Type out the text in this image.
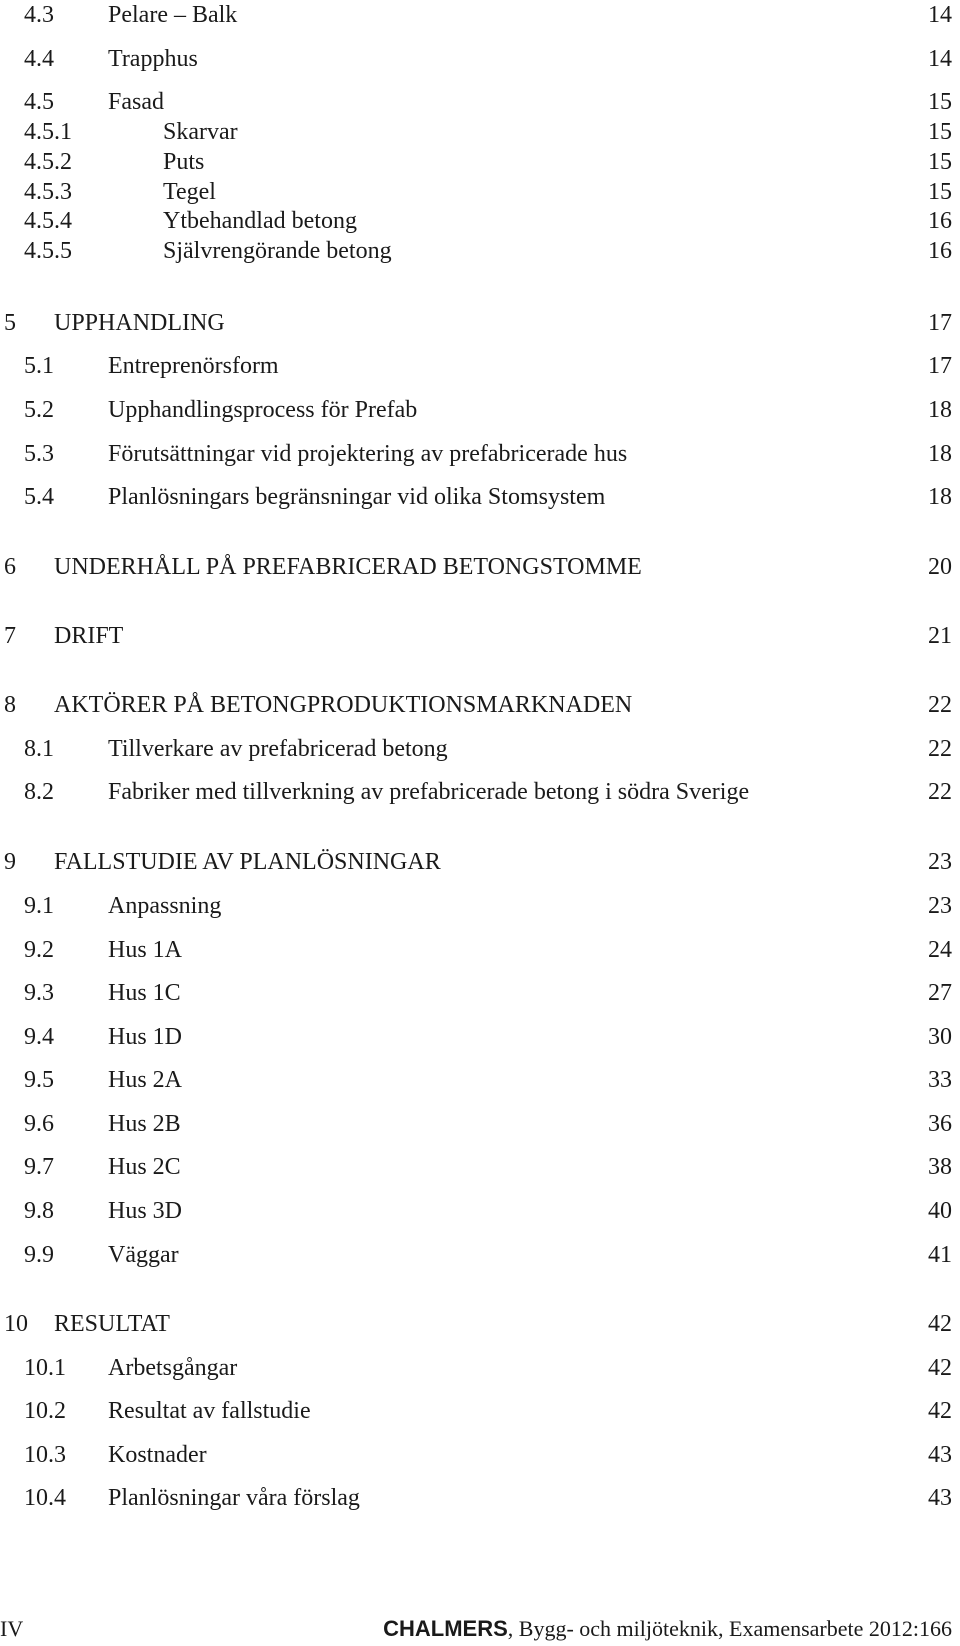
4.3 Pelare – Balk	14
4.4 Trapphus	14
4.5 Fasad	15
4.5.1	Skarvar	15
4.5.2	Puts	15
4.5.3	Tegel	15
4.5.4	Ytbehandlad betong	16
4.5.5	Självrengörande betong	16
5 UPPHANDLING	17
5.1 Entreprenörsform	17
5.2 Upphandlingsprocess för Prefab	18
5.3 Förutsättningar vid projektering av prefabricerade hus	18
5.4 Planlösningars begränsningar vid olika Stomsystem	18
6 UNDERHÅLL PÅ PREFABRICERAD BETONGSTOMME	20
7 DRIFT	21
8 AKTÖRER PÅ BETONGPRODUKTIONSMARKNADEN	22
8.1 Tillverkare av prefabricerad betong	22
8.2 Fabriker med tillverkning av prefabricerade betong i södra Sverige	22
9 FALLSTUDIE AV PLANLÖSNINGAR	23
9.1 Anpassning	23
9.2 Hus 1A	24
9.3 Hus 1C	27
9.4 Hus 1D	30
9.5 Hus 2A	33
9.6 Hus 2B	36
9.7 Hus 2C	38
9.8 Hus 3D	40
9.9 Väggar	41
10 RESULTAT	42
10.1 Arbetsgångar	42
10.2 Resultat av fallstudie	42
10.3 Kostnader	43
10.4 Planlösningar våra förslag	43
IV	CHALMERS, Bygg- och miljöteknik, Examensarbete 2012:166
